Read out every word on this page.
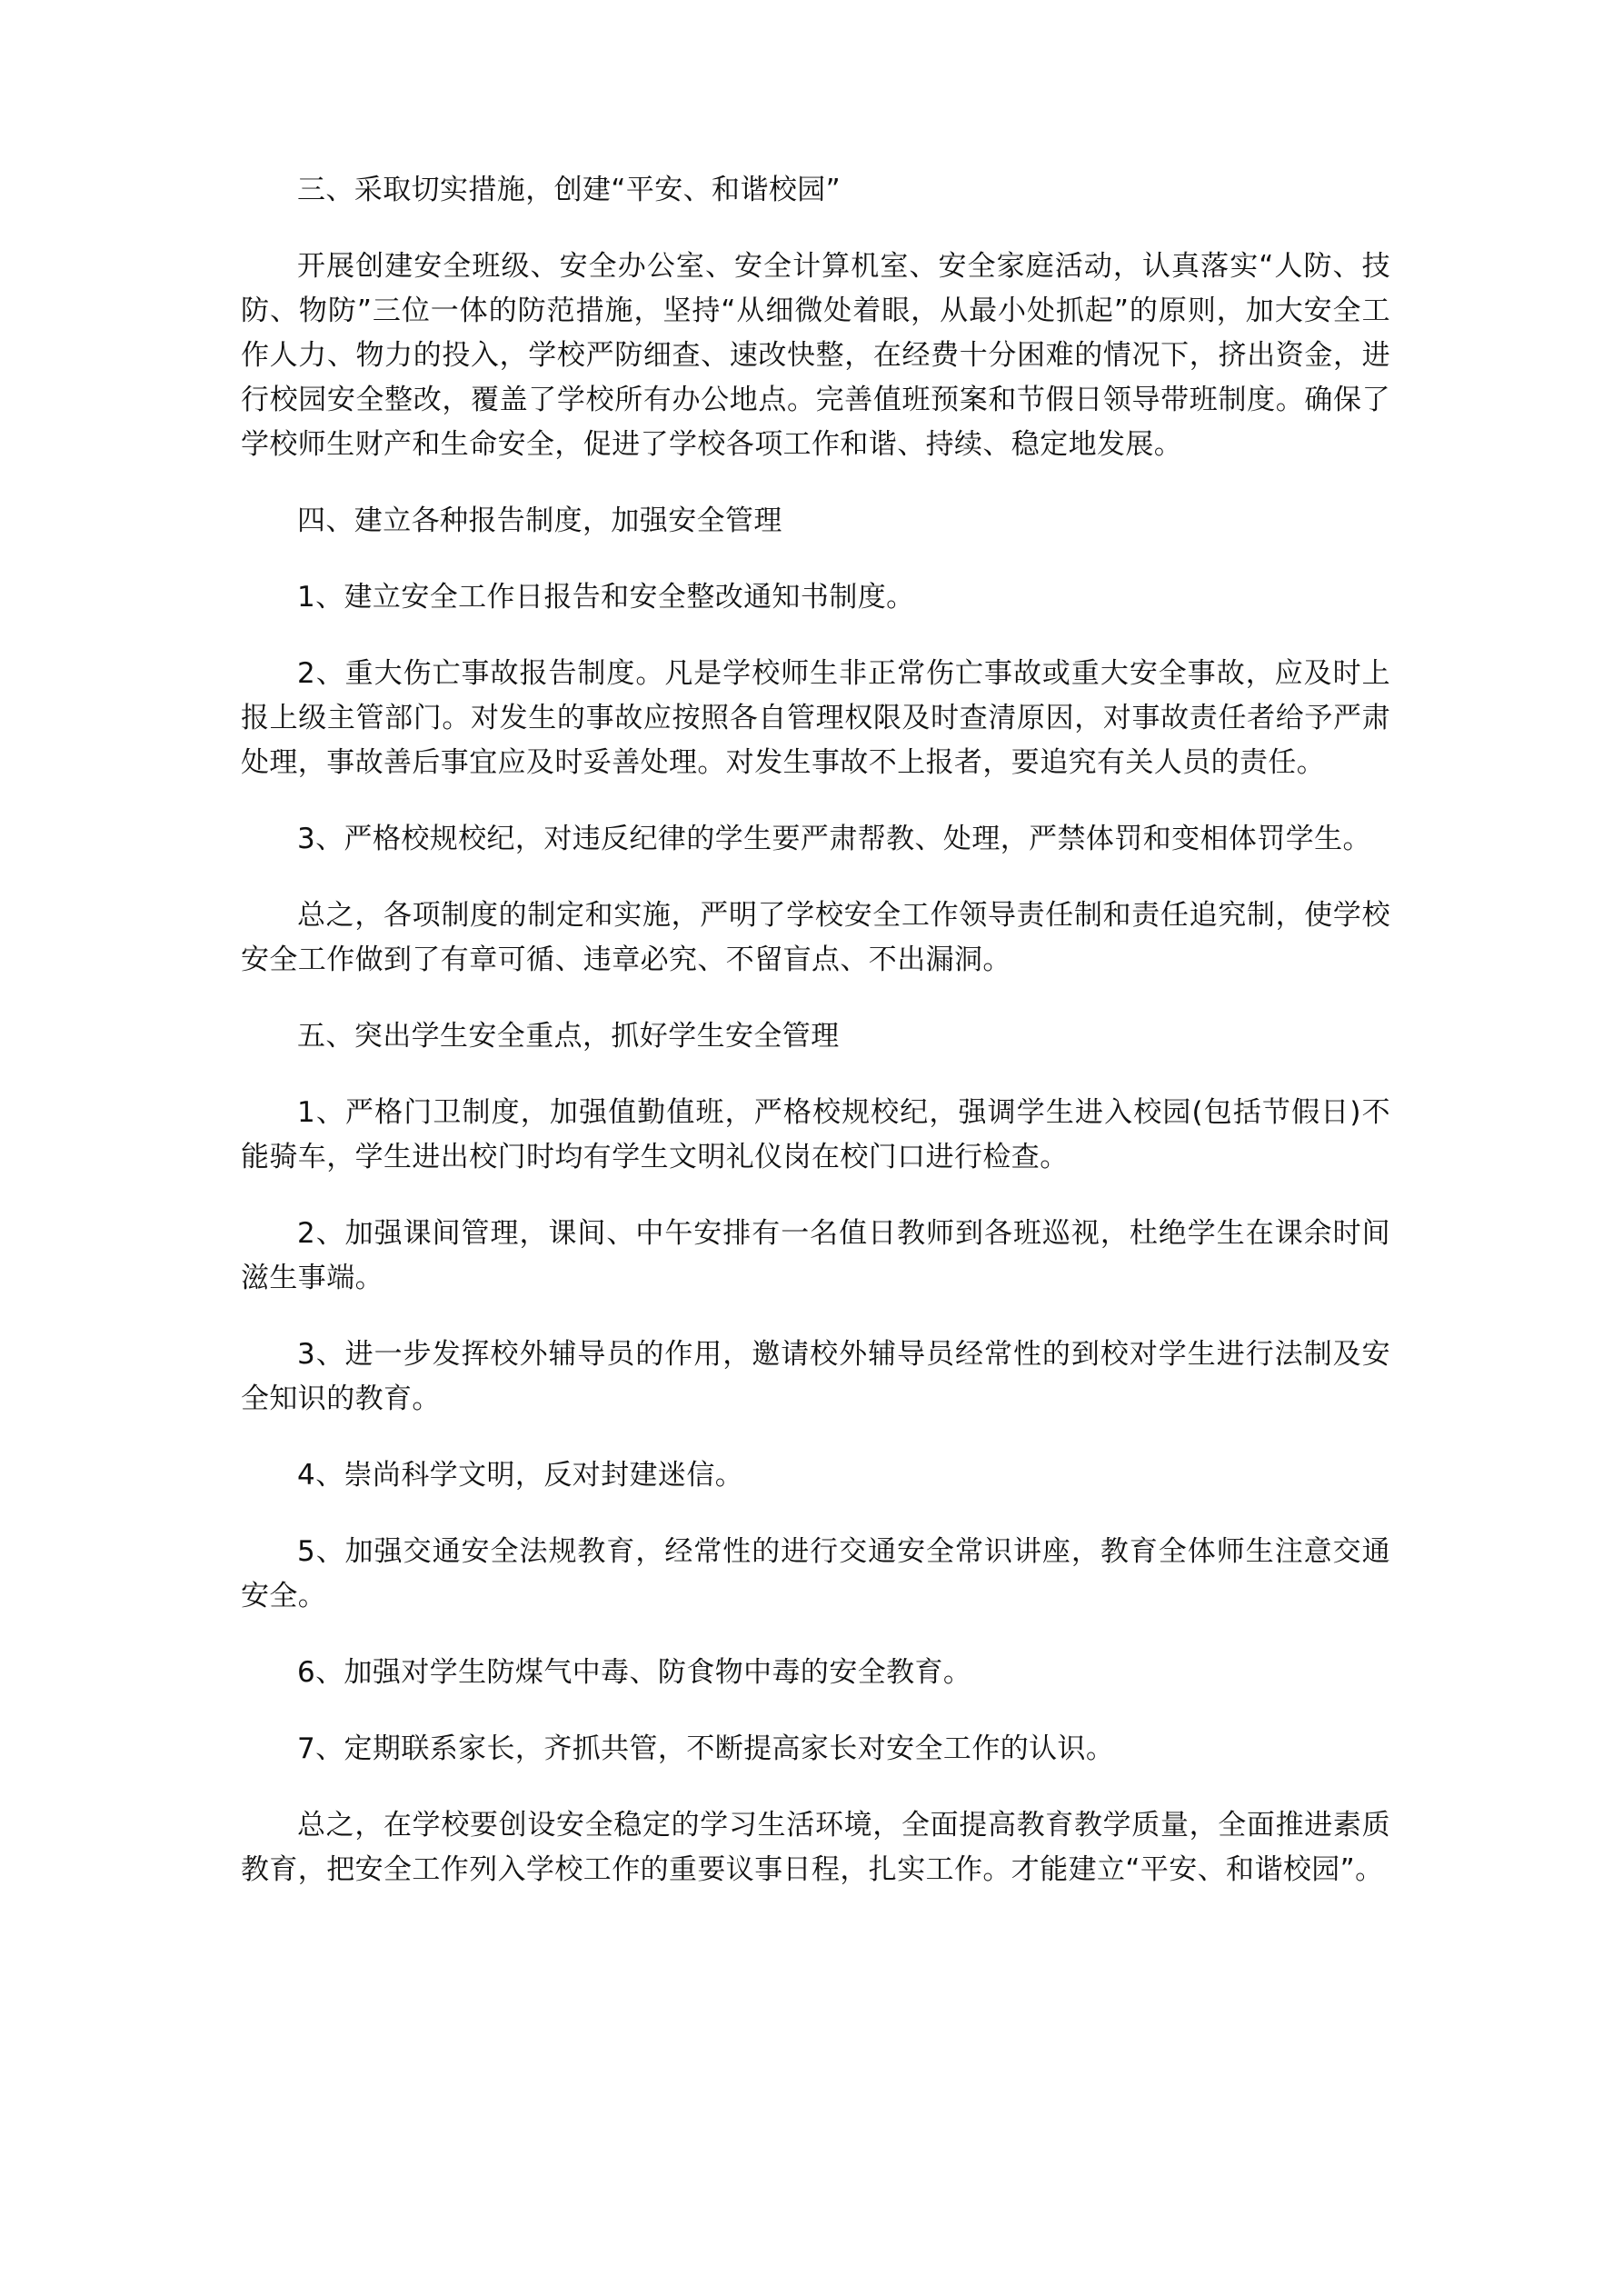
三、采取切实措施，创建“平安、和谐校园”

开展创建安全班级、安全办公室、安全计算机室、安全家庭活动，认真落实“人防、技防、物防”三位一体的防范措施，坚持“从细微处着眼，从最小处抓起”的原则，加大安全工作人力、物力的投入，学校严防细查、速改快整，在经费十分困难的情况下，挤出资金，进行校园安全整改，覆盖了学校所有办公地点。完善值班预案和节假日领导带班制度。确保了学校师生财产和生命安全，促进了学校各项工作和谐、持续、稳定地发展。

四、建立各种报告制度，加强安全管理

1、建立安全工作日报告和安全整改通知书制度。

2、重大伤亡事故报告制度。凡是学校师生非正常伤亡事故或重大安全事故，应及时上报上级主管部门。对发生的事故应按照各自管理权限及时查清原因，对事故责任者给予严肃处理，事故善后事宜应及时妥善处理。对发生事故不上报者，要追究有关人员的责任。

3、严格校规校纪，对违反纪律的学生要严肃帮教、处理，严禁体罚和变相体罚学生。

总之，各项制度的制定和实施，严明了学校安全工作领导责任制和责任追究制，使学校安全工作做到了有章可循、违章必究、不留盲点、不出漏洞。

五、突出学生安全重点，抓好学生安全管理

1、严格门卫制度，加强值勤值班，严格校规校纪，强调学生进入校园(包括节假日)不能骑车，学生进出校门时均有学生文明礼仪岗在校门口进行检查。

2、加强课间管理，课间、中午安排有一名值日教师到各班巡视，杜绝学生在课余时间滋生事端。

3、进一步发挥校外辅导员的作用，邀请校外辅导员经常性的到校对学生进行法制及安全知识的教育。

4、崇尚科学文明，反对封建迷信。

5、加强交通安全法规教育，经常性的进行交通安全常识讲座，教育全体师生注意交通安全。

6、加强对学生防煤气中毒、防食物中毒的安全教育。

7、定期联系家长，齐抓共管，不断提高家长对安全工作的认识。

总之，在学校要创设安全稳定的学习生活环境，全面提高教育教学质量，全面推进素质教育，把安全工作列入学校工作的重要议事日程，扎实工作。才能建立“平安、和谐校园”。
